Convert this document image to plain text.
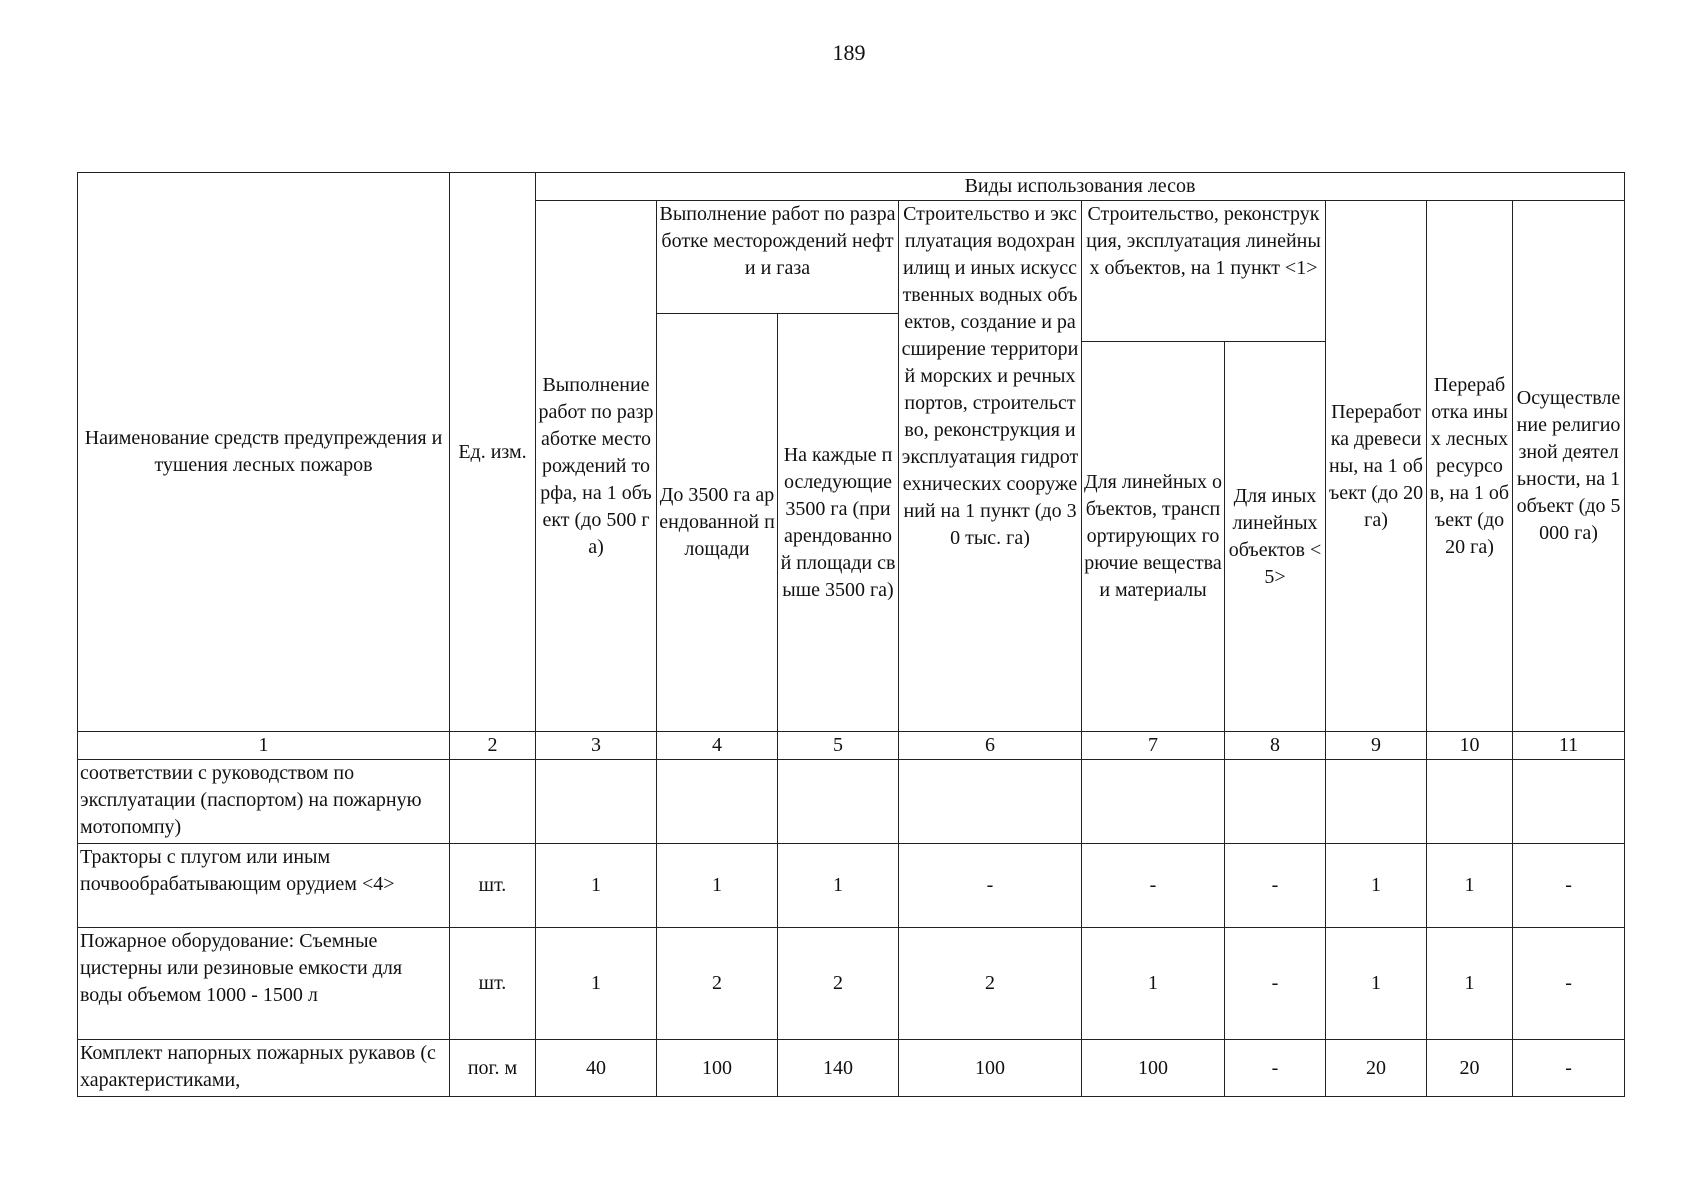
189
Наименование средств предупреждения и тушения лесных пожаров	Ед. изм.	Виды использования лесов								
		Выполнение работ по разработке месторождений торфа, на 1 объект (до 500 га)	Выполнение работ по разработке месторождений нефти и газа		Строительство и эксплуатация водохранилищ и иных искусственных водных объектов, создание и расширение территорий морских и речных портов, строительство, реконструкция и эксплуатация гидротехнических сооружений на 1 пункт (до 30 тыс. га)	Строительство, реконструкция, эксплуатация линейных объектов, на 1 пункт <1>		Переработка древесины, на 1 объект (до 20 га)	Переработка иных лесных ресурсов, на 1 объект (до 20 га)	Осуществление религиозной деятельности, на 1 объект (до 5000 га)
			До 3500 га арендованной площади	На каждые последующие 3500 га (при арендованной площади свыше 3500 га)						
						Для линейных объектов, транспортирующих горючие вещества и материалы	Для иных линейных объектов <5>			
1	2	3	4	5	6	7	8	9	10	11
соответствии с руководством по эксплуатации (паспортом) на пожарную мотопомпу)										
Тракторы с плугом или иным почвообрабатывающим орудием <4>	шт.	1	1	1	-	-	-	1	1	-
Пожарное оборудование: Съемные цистерны или резиновые емкости для воды объемом 1000 - 1500 л	шт.	1	2	2	2	1	-	1	1	-
Комплект напорных пожарных рукавов (с характеристиками,	пог. м	40	100	140	100	100	-	20	20	-
